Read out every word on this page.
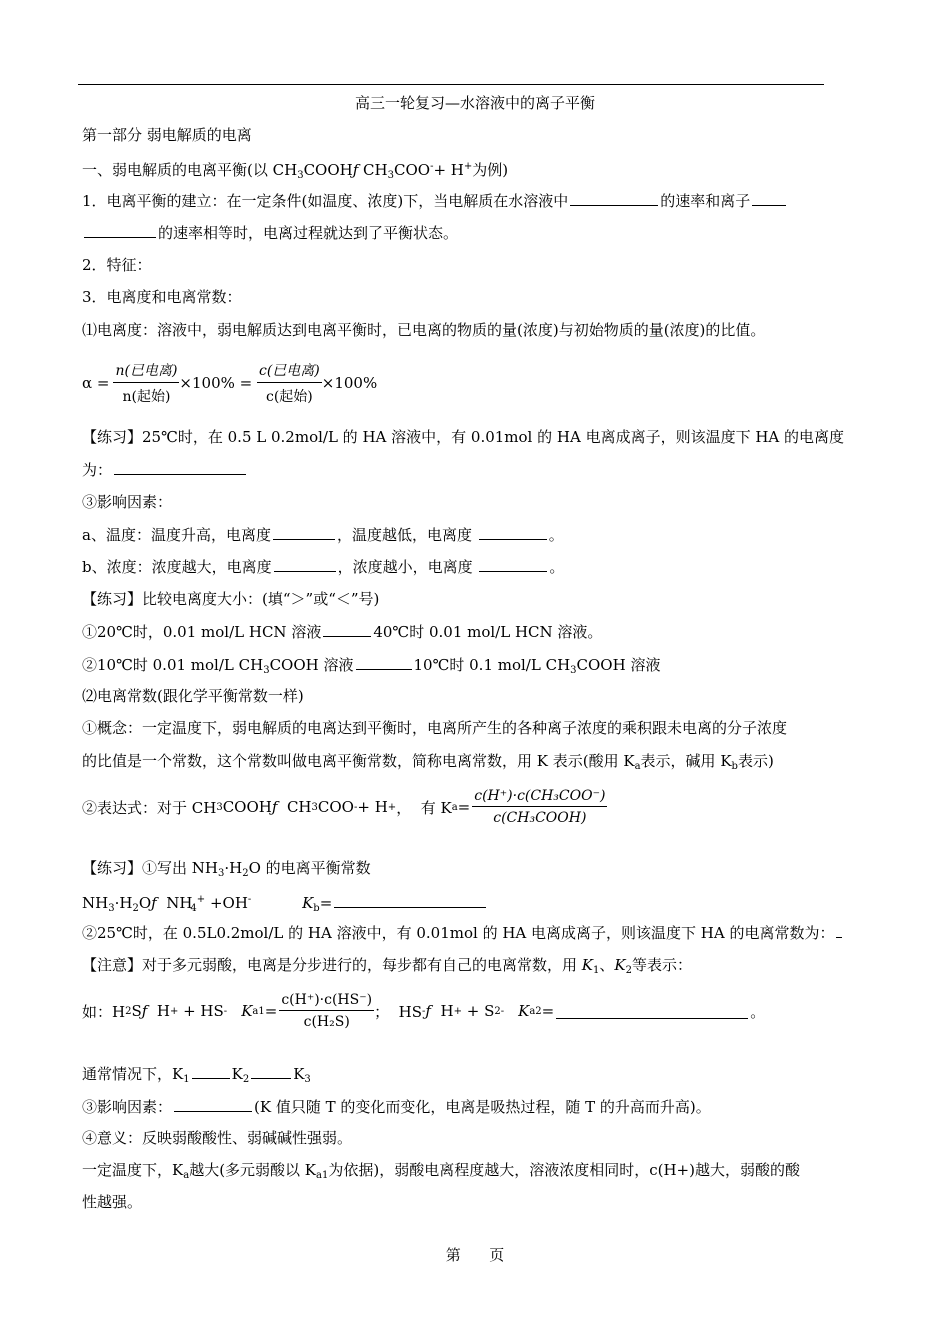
高三一轮复习—水溶液中的离子平衡
第一部分 弱电解质的电离
一、弱电解质的电离平衡(以 $CH_3COOHƒ$ $CH_3COO^-+ H^+$为例)
1．电离平衡的建立：在一定条件(如温度、浓度)下，当电解质在水溶液中	的速率和离子
的速率相等时，电离过程就达到了平衡状态。
2．特征：
3．电离度和电离常数：
⑴电离度：溶液中，弱电解质达到电离平衡时，已电离的物质的量(浓度)与初始物质的量(浓度)的比值。
$\alpha = \frac{\text{n(已电离)}}{\text{n(起始)}} \times 100\% = \frac{\text{c(已电离)}}{\text{c(起始)}} \times 100\%$
【练习】25℃时，在 0.5 L 0.2mol/L 的 HA 溶液中，有 0.01mol 的 HA 电离成离子，则该温度下 HA 的电离度
为：
③影响因素：
a、温度：温度升高，电离度	，温度越低，电离度	。
b、浓度：浓度越大，电离度	，浓度越小，电离度	。
【练习】比较电离度大小：(填“＞”或“＜”号)
①20℃时，0.01 mol/L HCN 溶液	40℃时 0.01 mol/L HCN 溶液。
②10℃时 0.01 mol/L $CH_3COOH$ 溶液	10℃时 0.1 mol/L $CH_3COOH$ 溶液
⑵电离常数(跟化学平衡常数一样)
①概念：一定温度下，弱电解质的电离达到平衡时，电离所产生的各种离子浓度的乘积跟未电离的分子浓度
的比值是一个常数，这个常数叫做电离平衡常数，简称电离常数，用 K 表示(酸用 $K_a$表示，碱用 $K_b$表示)
②表达式：对于 CH 3 COOH ƒ CH 3 COO - + H + ，  有 K $a = \frac{\text{c(H⁺)·c(CH₃COO⁻)}}{\text{c(CH₃COOH)}}$
【练习】①写出 $NH_3\cdot H_2O$ 的电离平衡常数
$NH_3\cdot H_2Oƒ$  $NH_4^+ +OH^-$	$K_b=$
②25℃时，在 0.5L0.2mol/L 的 HA 溶液中，有 0.01mol 的 HA 电离成离子，则该温度下 HA 的电离常数为：
【注意】对于多元弱酸，电离是分步进行的，每步都有自己的电离常数，用 $K_1$、$K_2$等表示：
如：H 2 S ƒ H + + HS - K $a1 = \frac{c(H^+)\cdot c(HS^-)}{\text{c(H₂S)}}$ ；  HS - ƒ H + + S 2- K a2 =	。
通常情况下，$K_1$	$K_2$	$K_3$
③影响因素：	(K 值只随 T 的变化而变化，电离是吸热过程，随 T 的升高而升高)。
④意义：反映弱酸酸性、弱碱碱性强弱。
一定温度下，$K_a$越大(多元弱酸以 $K_{a1}$为依据)，弱酸电离程度越大，溶液浓度相同时，c(H+)越大，弱酸的酸
性越强。
第      页
